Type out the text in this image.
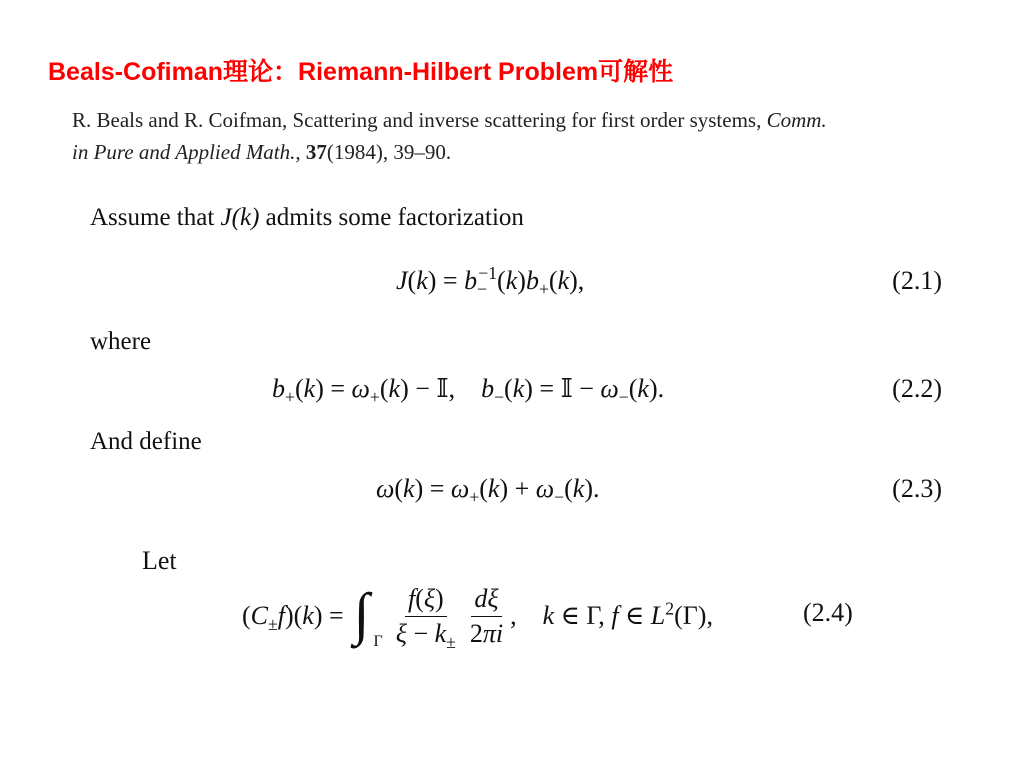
Beals-Cofiman理论：Riemann-Hilbert Problem可解性
R. Beals and R. Coifman, Scattering and inverse scattering for first order systems, Comm. in Pure and Applied Math., 37(1984), 39–90.
Assume that J(k) admits some factorization
$J(k) = b_-^{-1}(k)b_+(k)$,	(2.1)
where
$b_+(k) = \omega_+(k)$ − 𝕀,    $b_-(k)$ = 𝕀 − $\omega_-(k)$.	(2.2)
And define
$\omega(k) = \omega_+(k) + \omega_-(k)$.	(2.3)
Let
$(C_\pm f)(k)$ = ∫ Γ $\frac{f(\xi)}{\xi - k_\pm} \frac{d\xi}{2\pi i}$ ,    k ∈ Γ, f ∈ $L^2(\Gamma)$,	(2.4)
